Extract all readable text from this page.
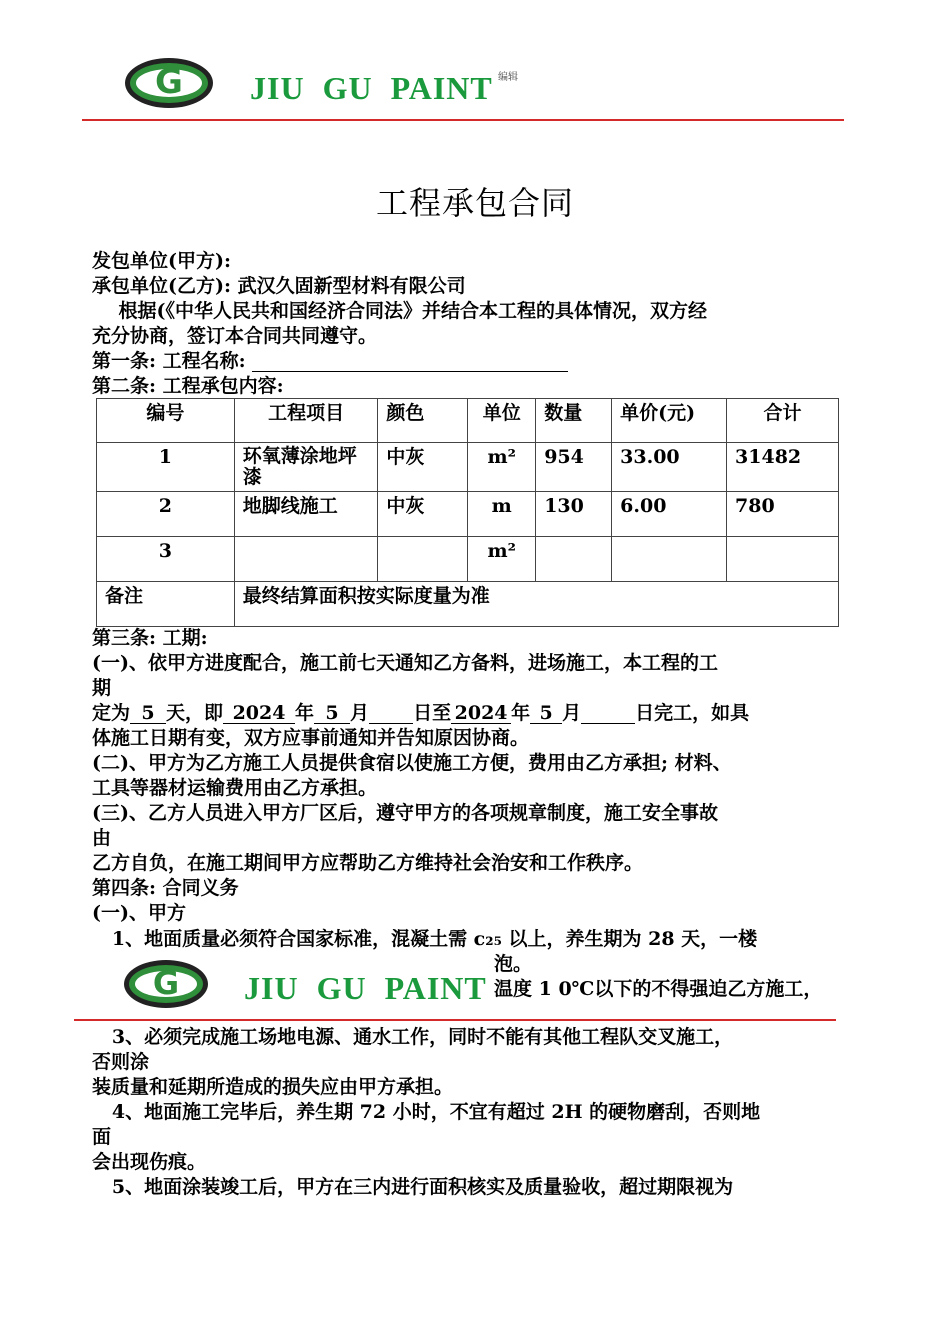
G JIU  GU  PAINT 编辑
工程承包合同
发包单位(甲方):
承包单位(乙方): 武汉久固新型材料有限公司
根据(《中华人民共和国经济合同法》并结合本工程的具体情况，双方经
充分协商，签订本合同共同遵守。
第一条: 工程名称:
第二条: 工程承包内容:
编号	工程项目	颜色	单位	数量	单价(元)	合计
1	环氧薄涂地坪漆	中灰	m²	954	33.00	31482
2	地脚线施工	中灰	m	130	6.00	780
3			m²			
备注	最终结算面积按实际度量为准					
第三条: 工期:
(一)、依甲方进度配合，施工前七天通知乙方备料，进场施工，本工程的工
期
定为 5 天，即 2024 年 5 月 日至 2024 年 5 月	日完工，如具
体施工日期有变，双方应事前通知并告知原因协商。
(二)、甲方为乙方施工人员提供食宿以使施工方便，费用由乙方承担; 材料、
工具等器材运输费用由乙方承担。
(三)、乙方人员进入甲方厂区后，遵守甲方的各项规章制度，施工安全事故
由
乙方自负，在施工期间甲方应帮助乙方维持社会治安和工作秩序。
第四条: 合同义务
(一)、甲方
1、地面质量必须符合国家标准，混凝土需 c₂₅ 以上，养生期为 28 天，一楼
泡。
温度 1 0℃以下的不得强迫乙方施工，
G JIU  GU  PAINT
3、必须完成施工场地电源、通水工作，同时不能有其他工程队交叉施工，
否则涂
装质量和延期所造成的损失应由甲方承担。
4、地面施工完毕后，养生期 72 小时，不宜有超过 2H 的硬物磨刮，否则地
面
会出现伤痕。
5、地面涂装竣工后，甲方在三内进行面积核实及质量验收，超过期限视为
